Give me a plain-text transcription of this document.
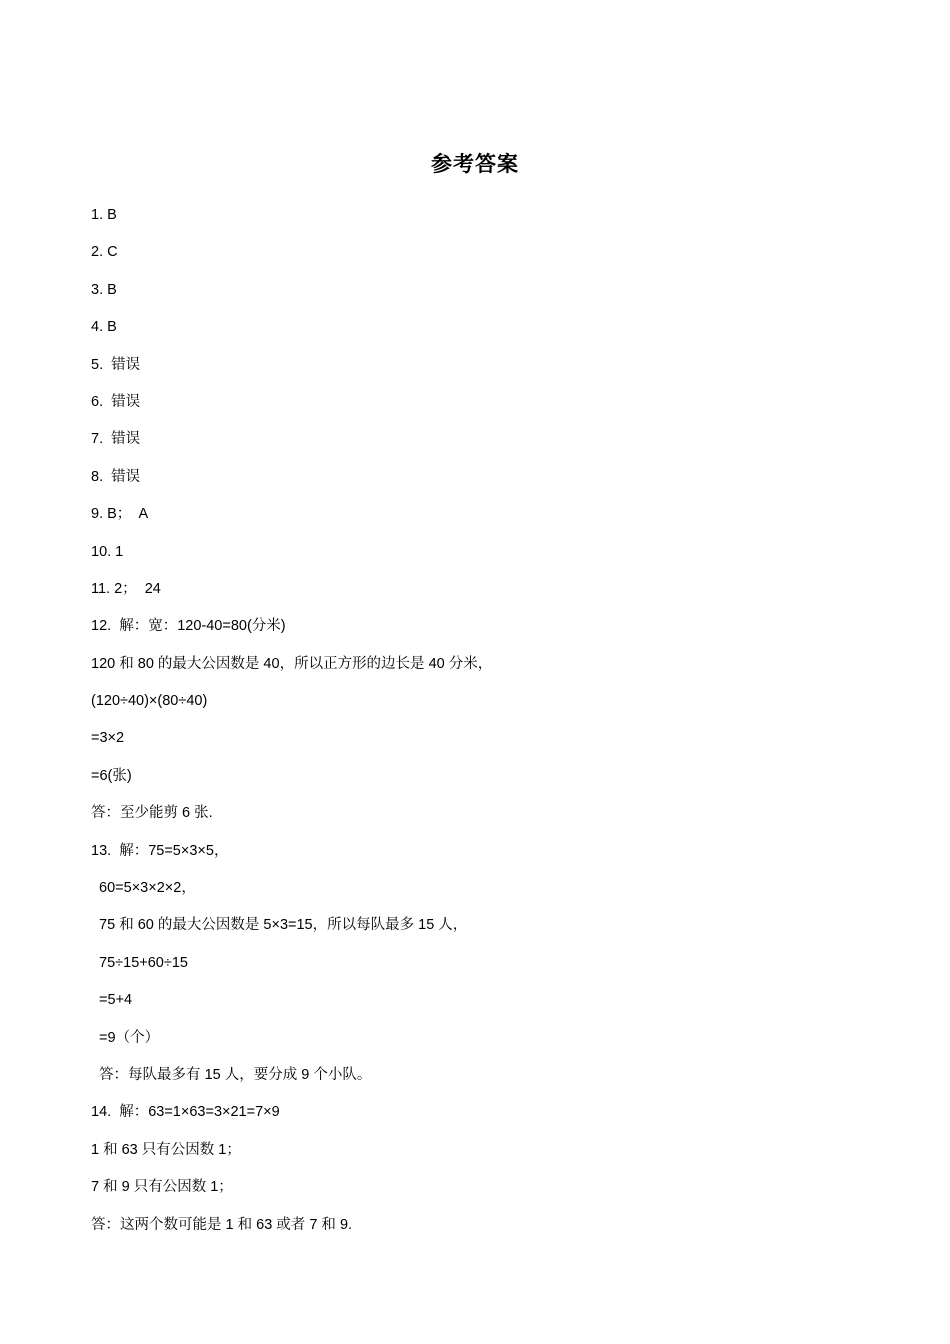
参考答案
1. B
2. C
3. B
4. B
5.  错误
6.  错误
7.  错误
8.  错误
9. B；  A
10. 1
11. 2；  24
12.  解：宽：120-40=80(分米)
120 和 80 的最大公因数是 40，所以正方形的边长是 40 分米，
(120÷40)×(80÷40)
=3×2
=6(张)
答：至少能剪 6 张.
13.  解：75=5×3×5，
60=5×3×2×2，
75 和 60 的最大公因数是 5×3=15，所以每队最多 15 人，
75÷15+60÷15
=5+4
=9（个）
答：每队最多有 15 人，要分成 9 个小队。
14.  解：63=1×63=3×21=7×9
1 和 63 只有公因数 1；
7 和 9 只有公因数 1；
答：这两个数可能是 1 和 63 或者 7 和 9.
